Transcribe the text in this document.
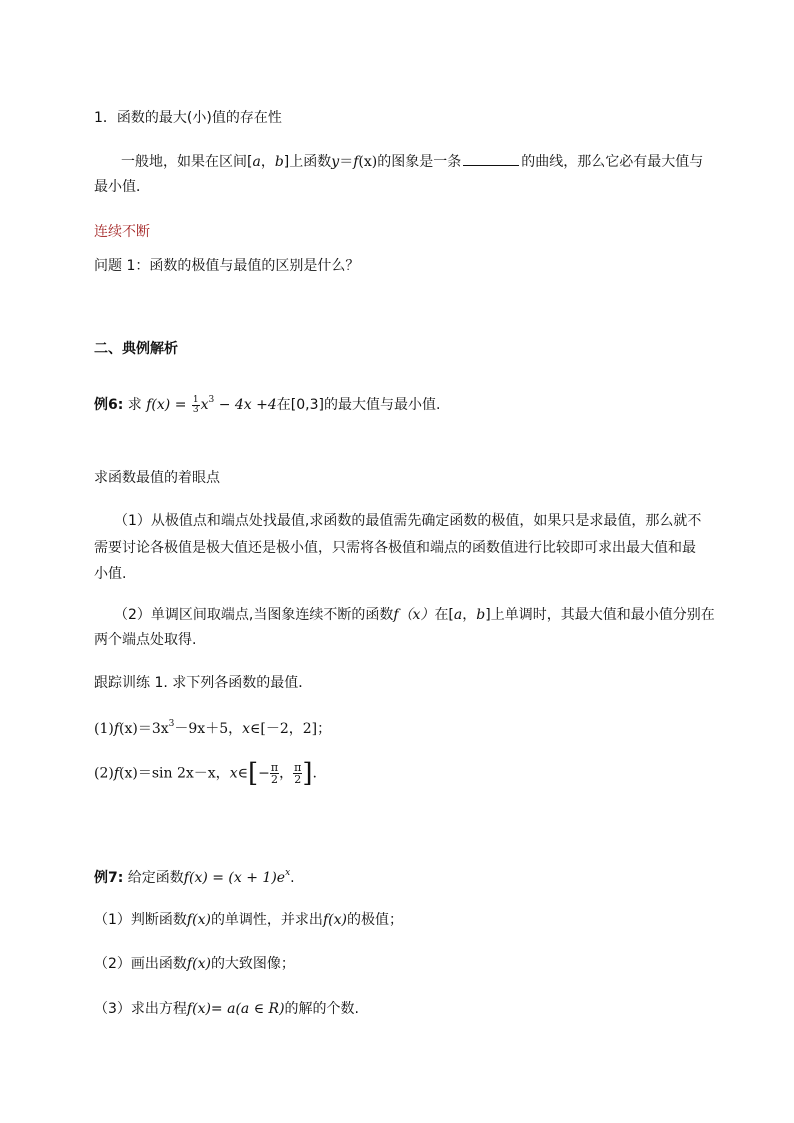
1．函数的最大(小)值的存在性
一般地，如果在区间[a，b]上函数y＝f(x)的图象是一条	的曲线，那么它必有最大值与
最小值．
连续不断
问题 1：函数的极值与最值的区别是什么？
二、典例解析
例6: 求 $f(x) = \frac{1}{3} x^3 - 4x +4$在[0,3]的最大值与最小值.
求函数最值的着眼点
（1）从极值点和端点处找最值,求函数的最值需先确定函数的极值，如果只是求最值，那么就不
需要讨论各极值是极大值还是极小值，只需将各极值和端点的函数值进行比较即可求出最大值和最
小值.
（2）单调区间取端点,当图象连续不断的函数f（x）在[a，b]上单调时，其最大值和最小值分别在
两个端点处取得.
跟踪训练 1. 求下列各函数的最值．
$(1)f(x)=3x^3-9x+5$，x∈[－2，2]；
(2)f(x)＝sin 2x－x，x∈[− $\frac{\pi}{2}$ ， $\frac{\pi}{2}$ ].
例7: 给定函数$f(x) = (x + 1)e^x$.
（1）判断函数f(x)的单调性，并求出f(x)的极值；
（2）画出函数f(x)的大致图像；
（3）求出方程f(x)= a(a ∈ R)的解的个数.
